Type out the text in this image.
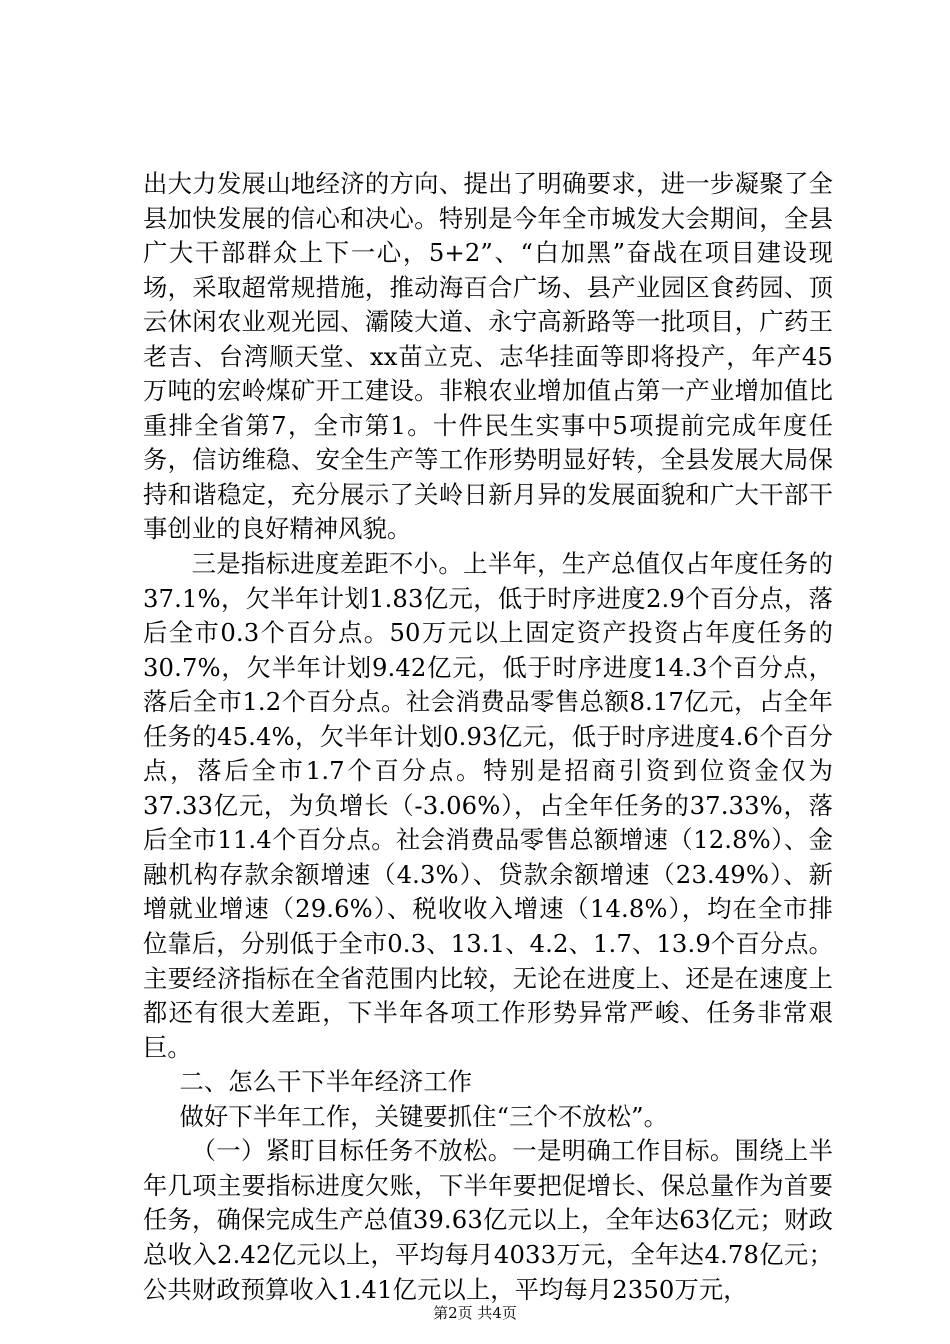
出大力发展山地经济的方向、提出了明确要求，进一步凝聚了全县加快发展的信心和决心。特别是今年全市城发大会期间，全县广大干部群众上下一心，5+2”、“白加黑”奋战在项目建设现场，采取超常规措施，推动海百合广场、县产业园区食药园、顶云休闲农业观光园、灞陵大道、永宁高新路等一批项目，广药王老吉、台湾顺天堂、xx苗立克、志华挂面等即将投产，年产45万吨的宏岭煤矿开工建设。非粮农业增加值占第一产业增加值比重排全省第7，全市第1。十件民生实事中5项提前完成年度任务，信访维稳、安全生产等工作形势明显好转，全县发展大局保持和谐稳定，充分展示了关岭日新月异的发展面貌和广大干部干事创业的良好精神风貌。

三是指标进度差距不小。上半年，生产总值仅占年度任务的37.1%，欠半年计划1.83亿元，低于时序进度2.9个百分点，落后全市0.3个百分点。50万元以上固定资产投资占年度任务的30.7%，欠半年计划9.42亿元，低于时序进度14.3个百分点，落后全市1.2个百分点。社会消费品零售总额8.17亿元，占全年任务的45.4%，欠半年计划0.93亿元，低于时序进度4.6个百分点，落后全市1.7个百分点。特别是招商引资到位资金仅为37.33亿元，为负增长（-3.06%），占全年任务的37.33%，落后全市11.4个百分点。社会消费品零售总额增速（12.8%）、金融机构存款余额增速（4.3%）、贷款余额增速（23.49%）、新增就业增速（29.6%）、税收收入增速（14.8%），均在全市排位靠后，分别低于全市0.3、13.1、4.2、1.7、13.9个百分点。主要经济指标在全省范围内比较，无论在进度上、还是在速度上都还有很大差距，下半年各项工作形势异常严峻、任务非常艰巨。

二、怎么干下半年经济工作

做好下半年工作，关键要抓住“三个不放松”。

（一）紧盯目标任务不放松。一是明确工作目标。围绕上半年几项主要指标进度欠账，下半年要把促增长、保总量作为首要任务，确保完成生产总值39.63亿元以上，全年达63亿元；财政总收入2.42亿元以上，平均每月4033万元，全年达4.78亿元；公共财政预算收入1.41亿元以上，平均每月2350万元，

第2页 共4页
